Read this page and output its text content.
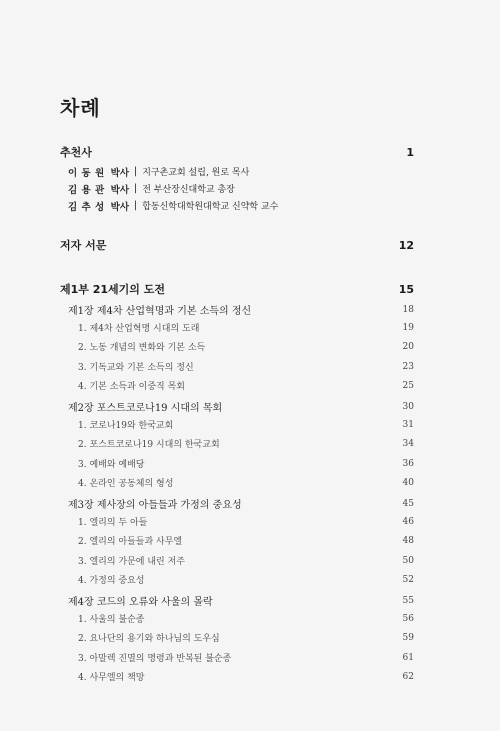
차례
추천사	1
이 동 원 박사 | 지구촌교회 설립, 원로 목사
김 용 관 박사 | 전 부산장신대학교 총장
김 추 성 박사 | 합동신학대학원대학교 신약학 교수
저자 서문	12
제1부 21세기의 도전	15
제1장 제4차 산업혁명과 기본 소득의 정신	18
1. 제4차 산업혁명 시대의 도래	19
2. 노동 개념의 변화와 기본 소득	20
3. 기독교와 기본 소득의 정신	23
4. 기본 소득과 이중직 목회	25
제2장 포스트코로나19 시대의 목회	30
1. 코로나19와 한국교회	31
2. 포스트코로나19 시대의 한국교회	34
3. 예배와 예배당	36
4. 온라인 공동체의 형성	40
제3장 제사장의 아들들과 가정의 중요성	45
1. 엘리의 두 아들	46
2. 엘리의 아들들과 사무엘	48
3. 엘리의 가문에 내린 저주	50
4. 가정의 중요성	52
제4장 코드의 오류와 사울의 몰락	55
1. 사울의 불순종	56
2. 요나단의 용기와 하나님의 도우심	59
3. 아말렉 진멸의 명령과 반복된 불순종	61
4. 사무엘의 책망	62
